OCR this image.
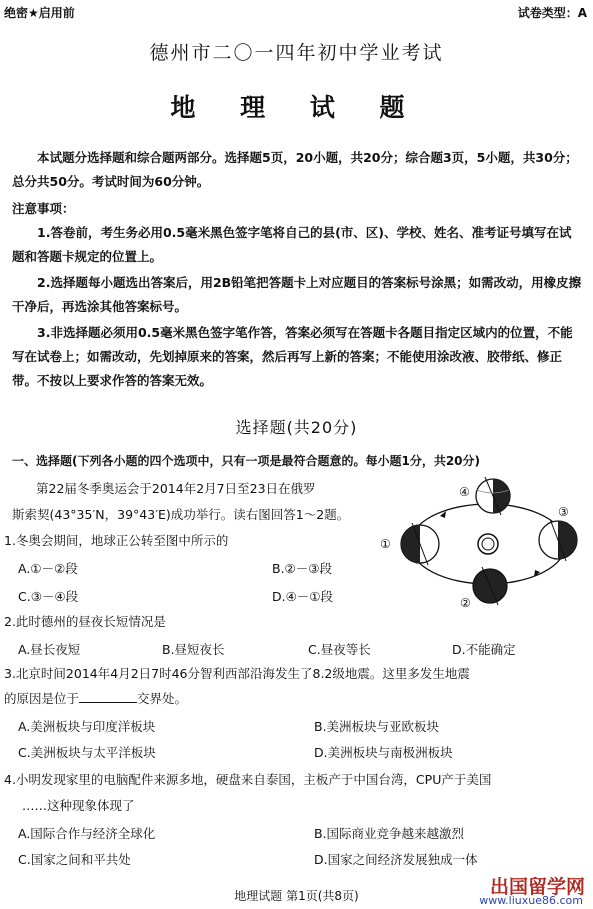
绝密★启用前	试卷类型：A
德州市二〇一四年初中学业考试
地 理 试 题
本试题分选择题和综合题两部分。选择题5页，20小题，共20分；综合题3页，5小题，共30分；总分共50分。考试时间为60分钟。
注意事项：
1.答卷前，考生务必用0.5毫米黑色签字笔将自己的县(市、区)、学校、姓名、准考证号填写在试题和答题卡规定的位置上。
2.选择题每小题选出答案后，用2B铅笔把答题卡上对应题目的答案标号涂黑；如需改动，用橡皮擦干净后，再选涂其他答案标号。
3.非选择题必须用0.5毫米黑色签字笔作答，答案必须写在答题卡各题目指定区域内的位置，不能写在试卷上；如需改动，先划掉原来的答案，然后再写上新的答案；不能使用涂改液、胶带纸、修正带。不按以上要求作答的答案无效。
选择题(共20分)
一、选择题(下列各小题的四个选项中，只有一项是最符合题意的。每小题1分，共20分)
第22届冬季奥运会于2014年2月7日至23日在俄罗
斯索契(43°35′N，39°43′E)成功举行。读右图回答1～2题。
①
②
③
④
1.冬奥会期间，地球正公转至图中所示的
A.①－②段	B.②－③段
C.③－④段	D.④－①段
2.此时德州的昼夜长短情况是
A.昼长夜短	B.昼短夜长	C.昼夜等长	D.不能确定
3.北京时间2014年4月2日7时46分智利西部沿海发生了8.2级地震。这里多发生地震
的原因是位于	交界处。
A.美洲板块与印度洋板块	B.美洲板块与亚欧板块
C.美洲板块与太平洋板块	D.美洲板块与南极洲板块
4.小明发现家里的电脑配件来源多地，硬盘来自泰国，主板产于中国台湾，CPU产于美国
……这种现象体现了
A.国际合作与经济全球化	B.国际商业竞争越来越激烈
C.国家之间和平共处	D.国家之间经济发展独成一体
地理试题 第1页(共8页)	出国留学网
www.liuxue86.com
